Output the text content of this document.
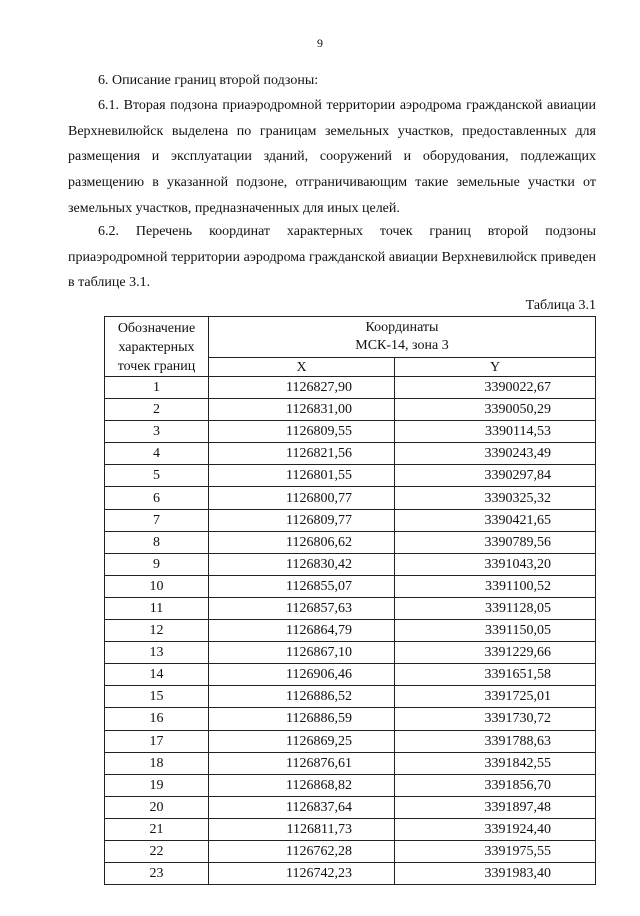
9
6. Описание границ второй подзоны:
6.1. Вторая подзона приаэродромной территории аэродрома гражданской авиации Верхневилюйск выделена по границам земельных участков, предоставленных для размещения и эксплуатации зданий, сооружений и оборудования, подлежащих размещению в указанной подзоне, отграничивающим такие земельные участки от земельных участков, предназначенных для иных целей.
6.2. Перечень координат характерных точек границ второй подзоны приаэродромной территории аэродрома гражданской авиации Верхневилюйск приведен в таблице 3.1.
Таблица 3.1
Обозначение характерных точек границ	Координаты
МСК-14, зона 3	
	X	Y
1	1126827,90	3390022,67
2	1126831,00	3390050,29
3	1126809,55	3390114,53
4	1126821,56	3390243,49
5	1126801,55	3390297,84
6	1126800,77	3390325,32
7	1126809,77	3390421,65
8	1126806,62	3390789,56
9	1126830,42	3391043,20
10	1126855,07	3391100,52
11	1126857,63	3391128,05
12	1126864,79	3391150,05
13	1126867,10	3391229,66
14	1126906,46	3391651,58
15	1126886,52	3391725,01
16	1126886,59	3391730,72
17	1126869,25	3391788,63
18	1126876,61	3391842,55
19	1126868,82	3391856,70
20	1126837,64	3391897,48
21	1126811,73	3391924,40
22	1126762,28	3391975,55
23	1126742,23	3391983,40
